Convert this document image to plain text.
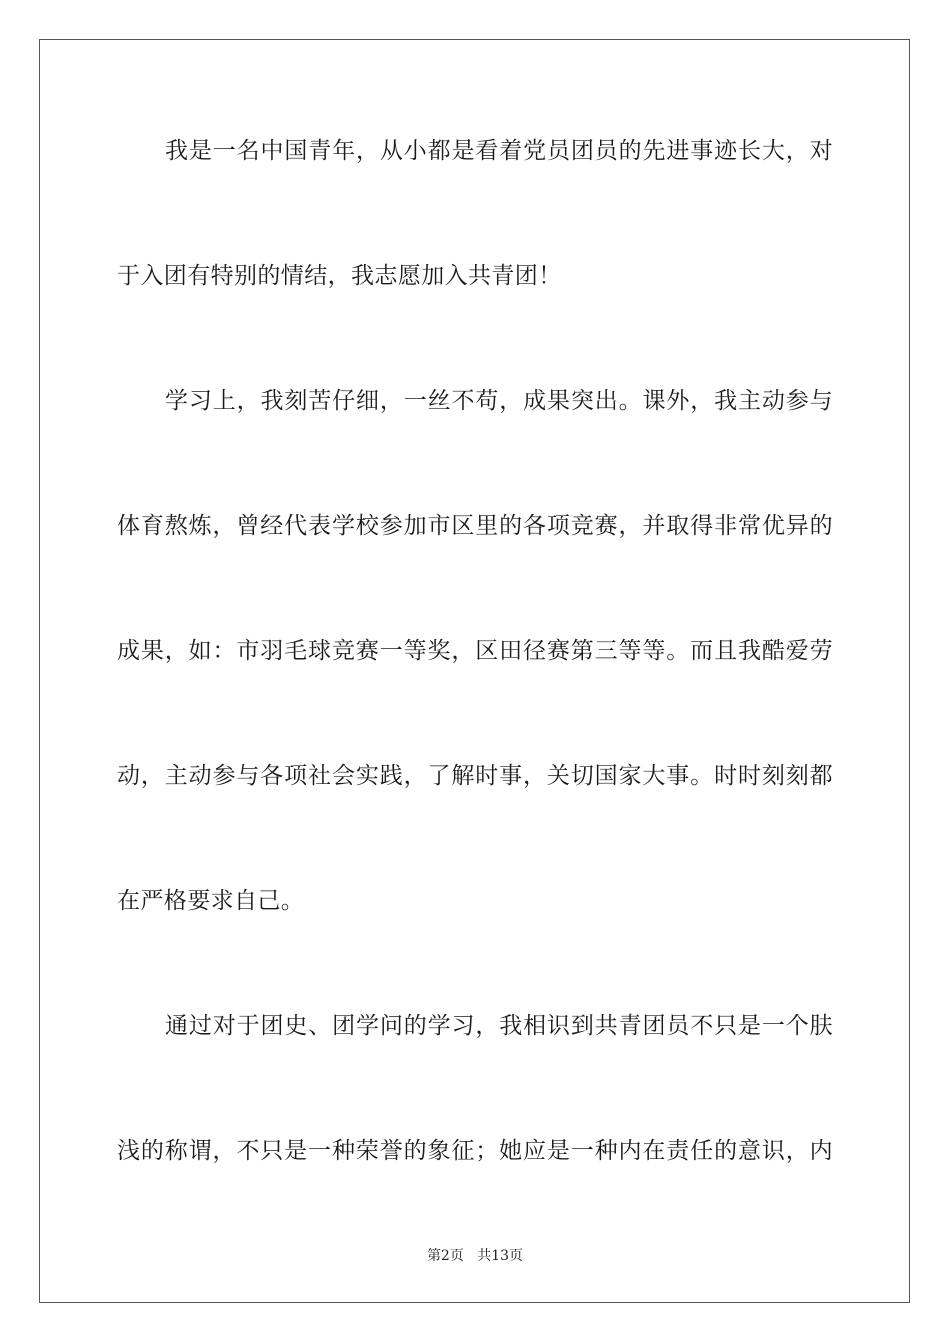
我是一名中国青年，从小都是看着党员团员的先进事迹长大，对
于入团有特别的情结，我志愿加入共青团！
学习上，我刻苦仔细，一丝不苟，成果突出。课外，我主动参与
体育熬炼，曾经代表学校参加市区里的各项竞赛，并取得非常优异的
成果，如：市羽毛球竞赛一等奖，区田径赛第三等等。而且我酷爱劳
动，主动参与各项社会实践，了解时事，关切国家大事。时时刻刻都
在严格要求自己。
通过对于团史、团学问的学习，我相识到共青团员不只是一个肤
浅的称谓，不只是一种荣誉的象征；她应是一种内在责任的意识，内
第2页 共13页
